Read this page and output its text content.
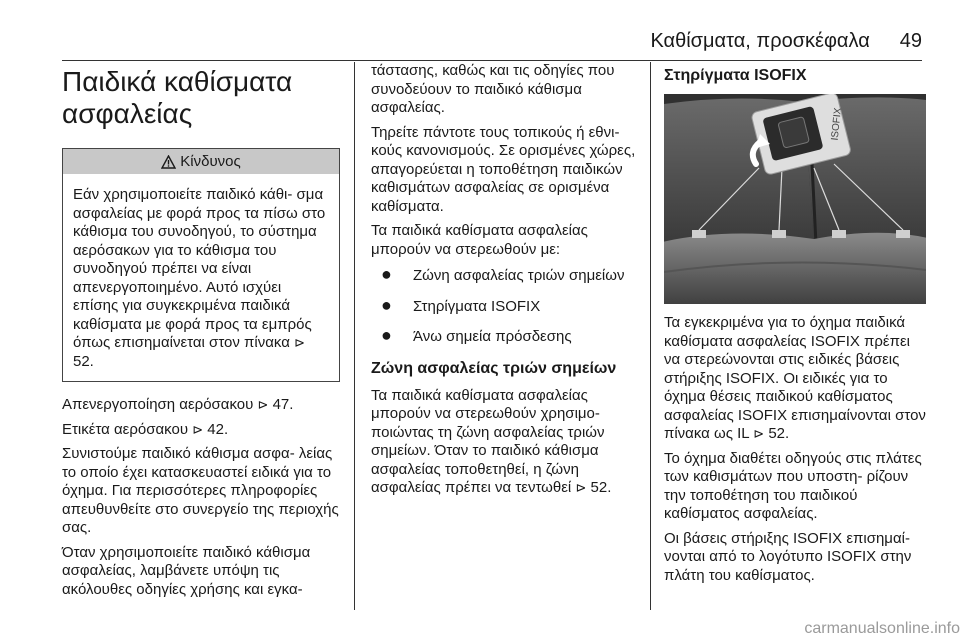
Καθίσματα, προσκέφαλα 49
Παιδικά καθίσματα
ασφαλείας
Κίνδυνος
Εάν χρησιμοποιείτε παιδικό κάθι- σμα ασφαλείας με φορά προς τα πίσω στο κάθισμα του συνοδηγού, το σύστημα αερόσακων για το κάθισμα του συνοδηγού πρέπει να είναι απενεργοποιημένο. Αυτό ισχύει επίσης για συγκεκριμένα παιδικά καθίσματα με φορά προς τα εμπρός όπως επισημαίνεται στον πίνακα ⊳ 52.

Απενεργοποίηση αερόσακου ⊳ 47.

Ετικέτα αερόσακου ⊳ 42.

Συνιστούμε παιδικό κάθισμα ασφα- λείας το οποίο έχει κατασκευαστεί ειδικά για το όχημα. Για περισσότερες πληροφορίες απευθυνθείτε στο συνεργείο της περιοχής σας.

Όταν χρησιμοποιείτε παιδικό κάθισμα ασφαλείας, λαμβάνετε υπόψη τις ακόλουθες οδηγίες χρήσης και εγκα-

τάστασης, καθώς και τις οδηγίες που συνοδεύουν το παιδικό κάθισμα ασφαλείας.

Τηρείτε πάντοτε τους τοπικούς ή εθνι- κούς κανονισμούς. Σε ορισμένες χώρες, απαγορεύεται η τοποθέτηση παιδικών καθισμάτων ασφαλείας σε ορισμένα καθίσματα.

Τα παιδικά καθίσματα ασφαλείας μπορούν να στερεωθούν με:

●	Ζώνη ασφαλείας τριών σημείων
●	Στηρίγματα ISOFIX
●	Άνω σημεία πρόσδεσης
Ζώνη ασφαλείας τριών σημείων

Τα παιδικά καθίσματα ασφαλείας μπορούν να στερεωθούν χρησιμο- ποιώντας τη ζώνη ασφαλείας τριών σημείων. Όταν το παιδικό κάθισμα ασφαλείας τοποθετηθεί, η ζώνη ασφαλείας πρέπει να τεντωθεί ⊳ 52.

Στηρίγματα ISOFIX
ISOFIX

Τα εγκεκριμένα για το όχημα παιδικά καθίσματα ασφαλείας ISOFIX πρέπει να στερεώνονται στις ειδικές βάσεις στήριξης ISOFIX. Οι ειδικές για το όχημα θέσεις παιδικού καθίσματος ασφαλείας ISOFIX επισημαίνονται στον πίνακα ως IL ⊳ 52.

Το όχημα διαθέτει οδηγούς στις πλάτες των καθισμάτων που υποστη- ρίζουν την τοποθέτηση του παιδικού καθίσματος ασφαλείας.

Οι βάσεις στήριξης ISOFIX επισημαί- νονται από το λογότυπο ISOFIX στην πλάτη του καθίσματος.

carmanualsonline.info
